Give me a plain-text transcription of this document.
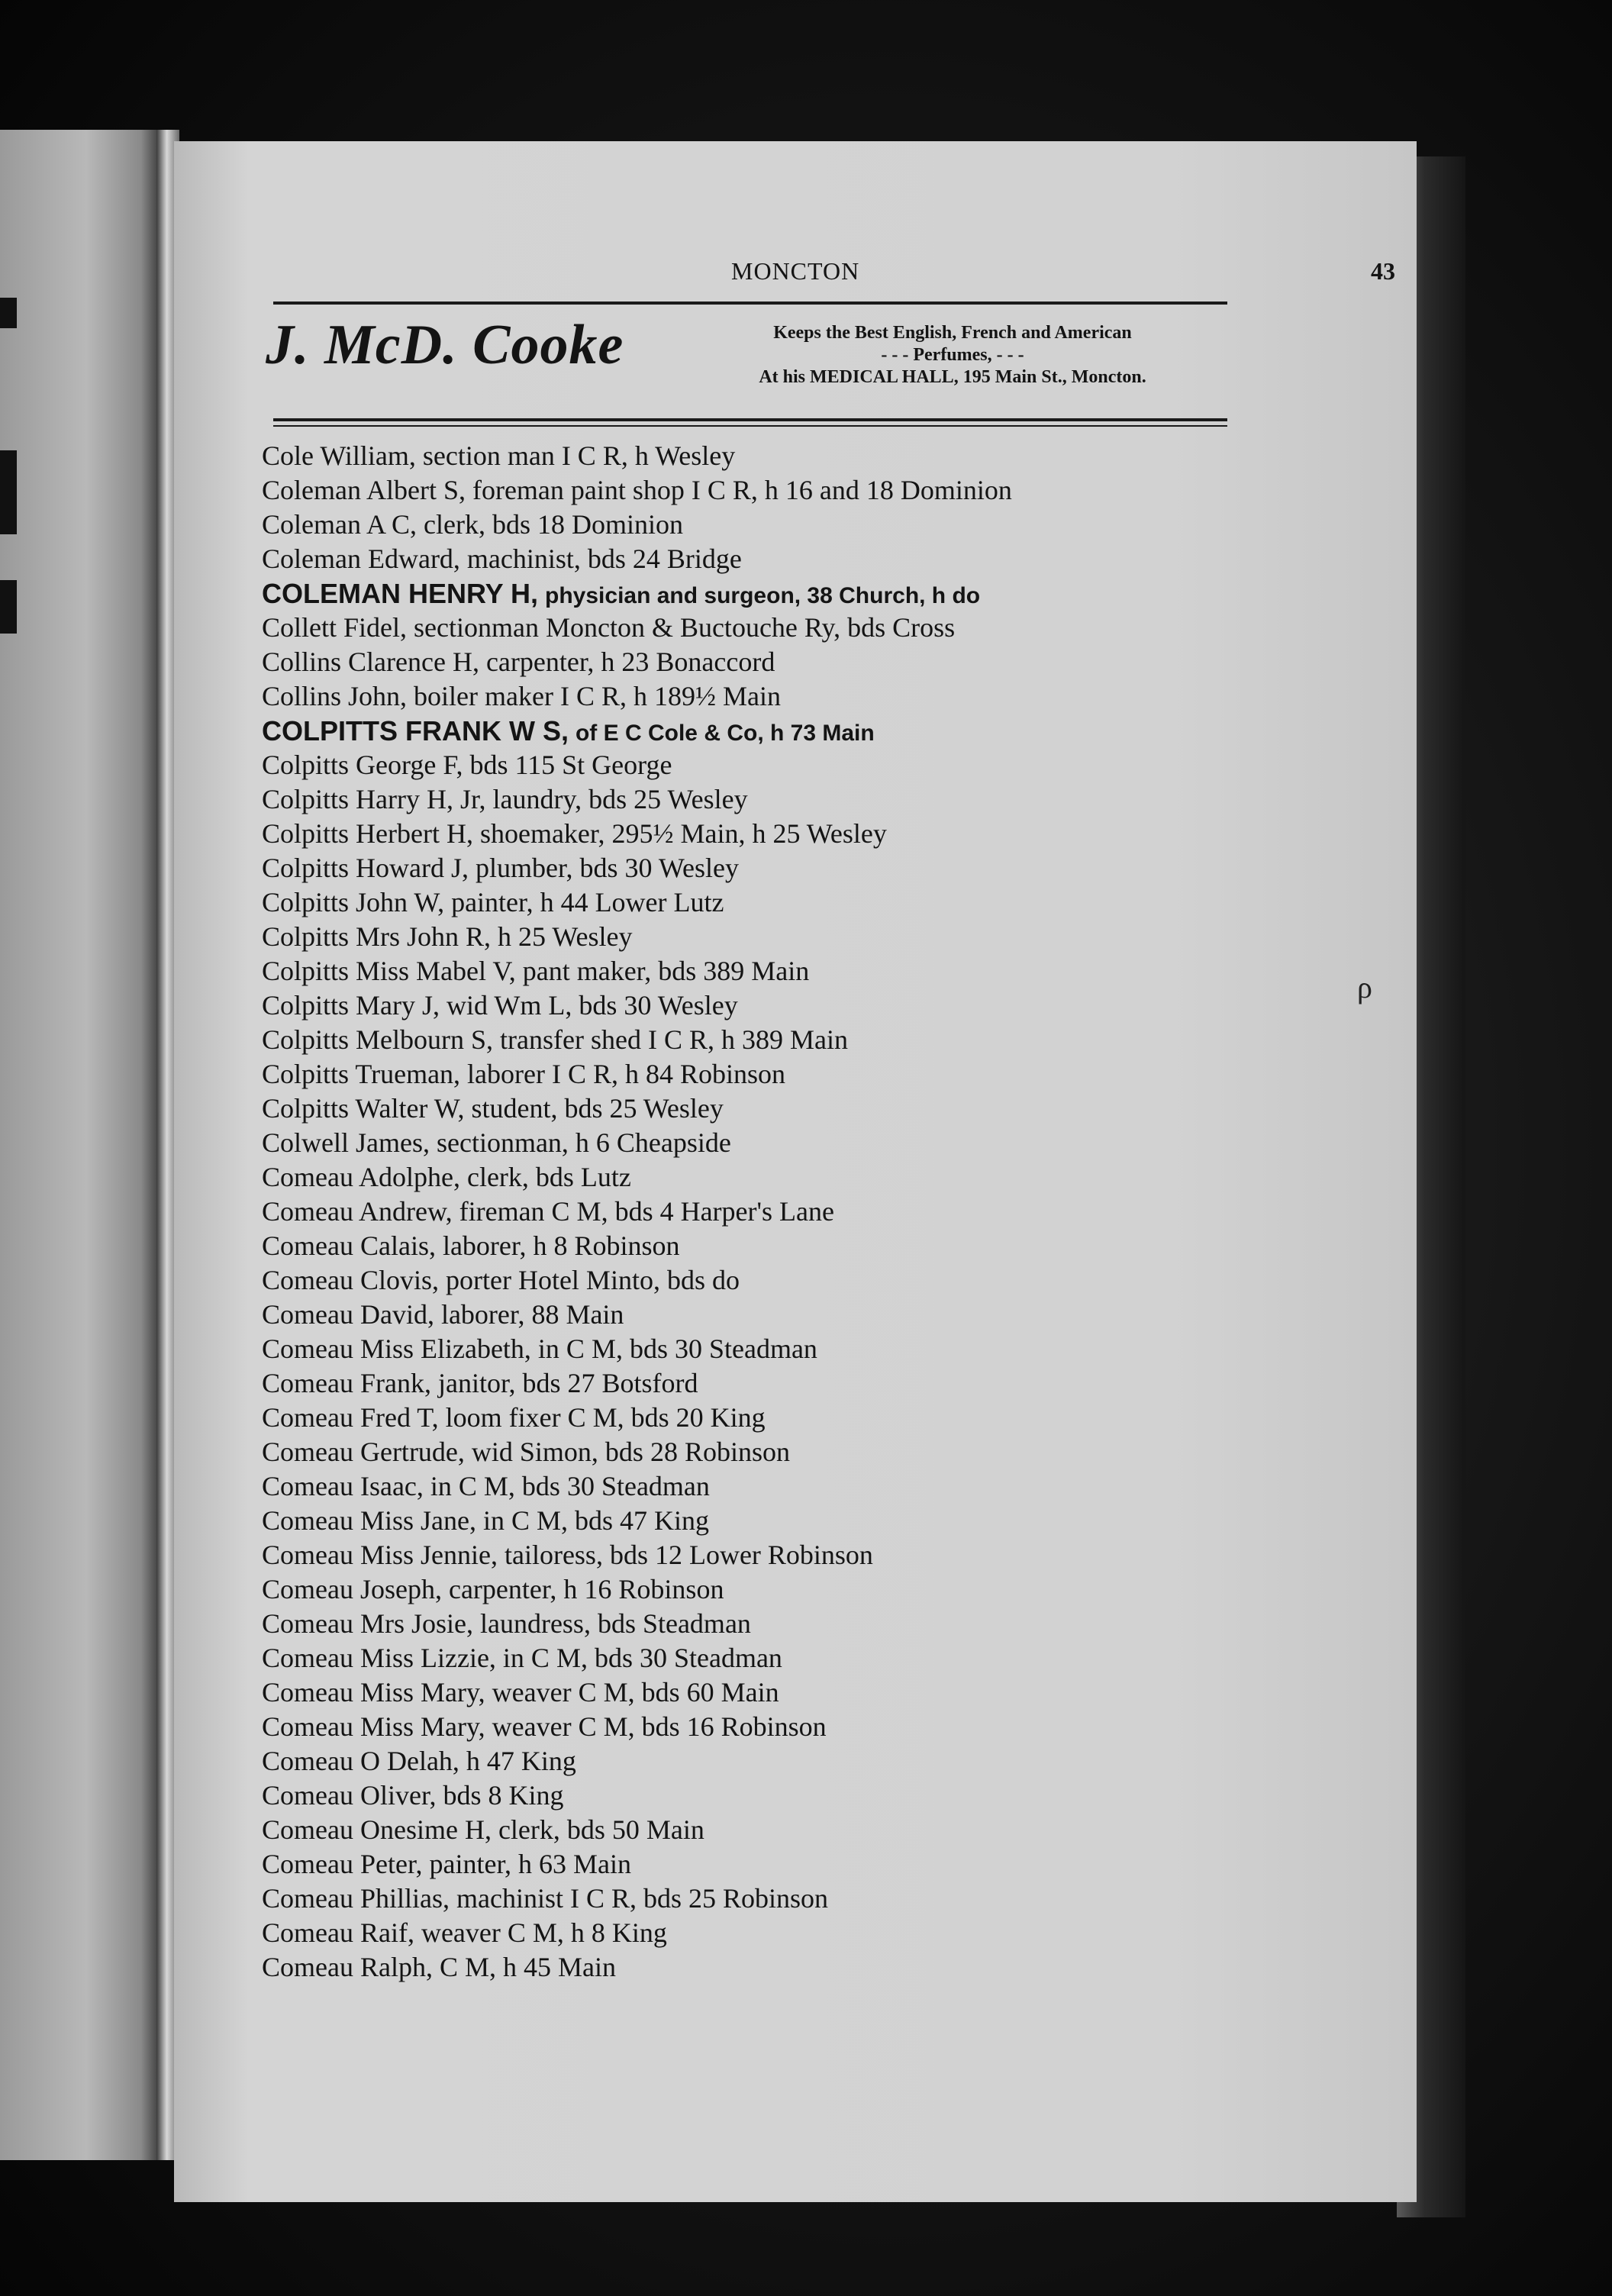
MONCTON	43
J. McD. Cooke	Keeps the Best English, French and American
- - - Perfumes, - - -
At his MEDICAL HALL, 195 Main St., Moncton.
Cole William, section man I C R, h Wesley
Coleman Albert S, foreman paint shop I C R, h 16 and 18 Dominion
Coleman A C, clerk, bds 18 Dominion
Coleman Edward, machinist, bds 24 Bridge
COLEMAN HENRY H, physician and surgeon, 38 Church, h do
Collett Fidel, sectionman Moncton & Buctouche Ry, bds Cross
Collins Clarence H, carpenter, h 23 Bonaccord
Collins John, boiler maker I C R, h 189½ Main
COLPITTS FRANK W S, of E C Cole & Co, h 73 Main
Colpitts George F, bds 115 St George
Colpitts Harry H, Jr, laundry, bds 25 Wesley
Colpitts Herbert H, shoemaker, 295½ Main, h 25 Wesley
Colpitts Howard J, plumber, bds 30 Wesley
Colpitts John W, painter, h 44 Lower Lutz
Colpitts Mrs John R, h 25 Wesley
Colpitts Miss Mabel V, pant maker, bds 389 Main
Colpitts Mary J, wid Wm L, bds 30 Wesley
Colpitts Melbourn S, transfer shed I C R, h 389 Main
Colpitts Trueman, laborer I C R, h 84 Robinson
Colpitts Walter W, student, bds 25 Wesley
Colwell James, sectionman, h 6 Cheapside
Comeau Adolphe, clerk, bds Lutz
Comeau Andrew, fireman C M, bds 4 Harper's Lane
Comeau Calais, laborer, h 8 Robinson
Comeau Clovis, porter Hotel Minto, bds do
Comeau David, laborer, 88 Main
Comeau Miss Elizabeth, in C M, bds 30 Steadman
Comeau Frank, janitor, bds 27 Botsford
Comeau Fred T, loom fixer C M, bds 20 King
Comeau Gertrude, wid Simon, bds 28 Robinson
Comeau Isaac, in C M, bds 30 Steadman
Comeau Miss Jane, in C M, bds 47 King
Comeau Miss Jennie, tailoress, bds 12 Lower Robinson
Comeau Joseph, carpenter, h 16 Robinson
Comeau Mrs Josie, laundress, bds Steadman
Comeau Miss Lizzie, in C M, bds 30 Steadman
Comeau Miss Mary, weaver C M, bds 60 Main
Comeau Miss Mary, weaver C M, bds 16 Robinson
Comeau O Delah, h 47 King
Comeau Oliver, bds 8 King
Comeau Onesime H, clerk, bds 50 Main
Comeau Peter, painter, h 63 Main
Comeau Phillias, machinist I C R, bds 25 Robinson
Comeau Raif, weaver C M, h 8 King
Comeau Ralph, C M, h 45 Main
ρ
